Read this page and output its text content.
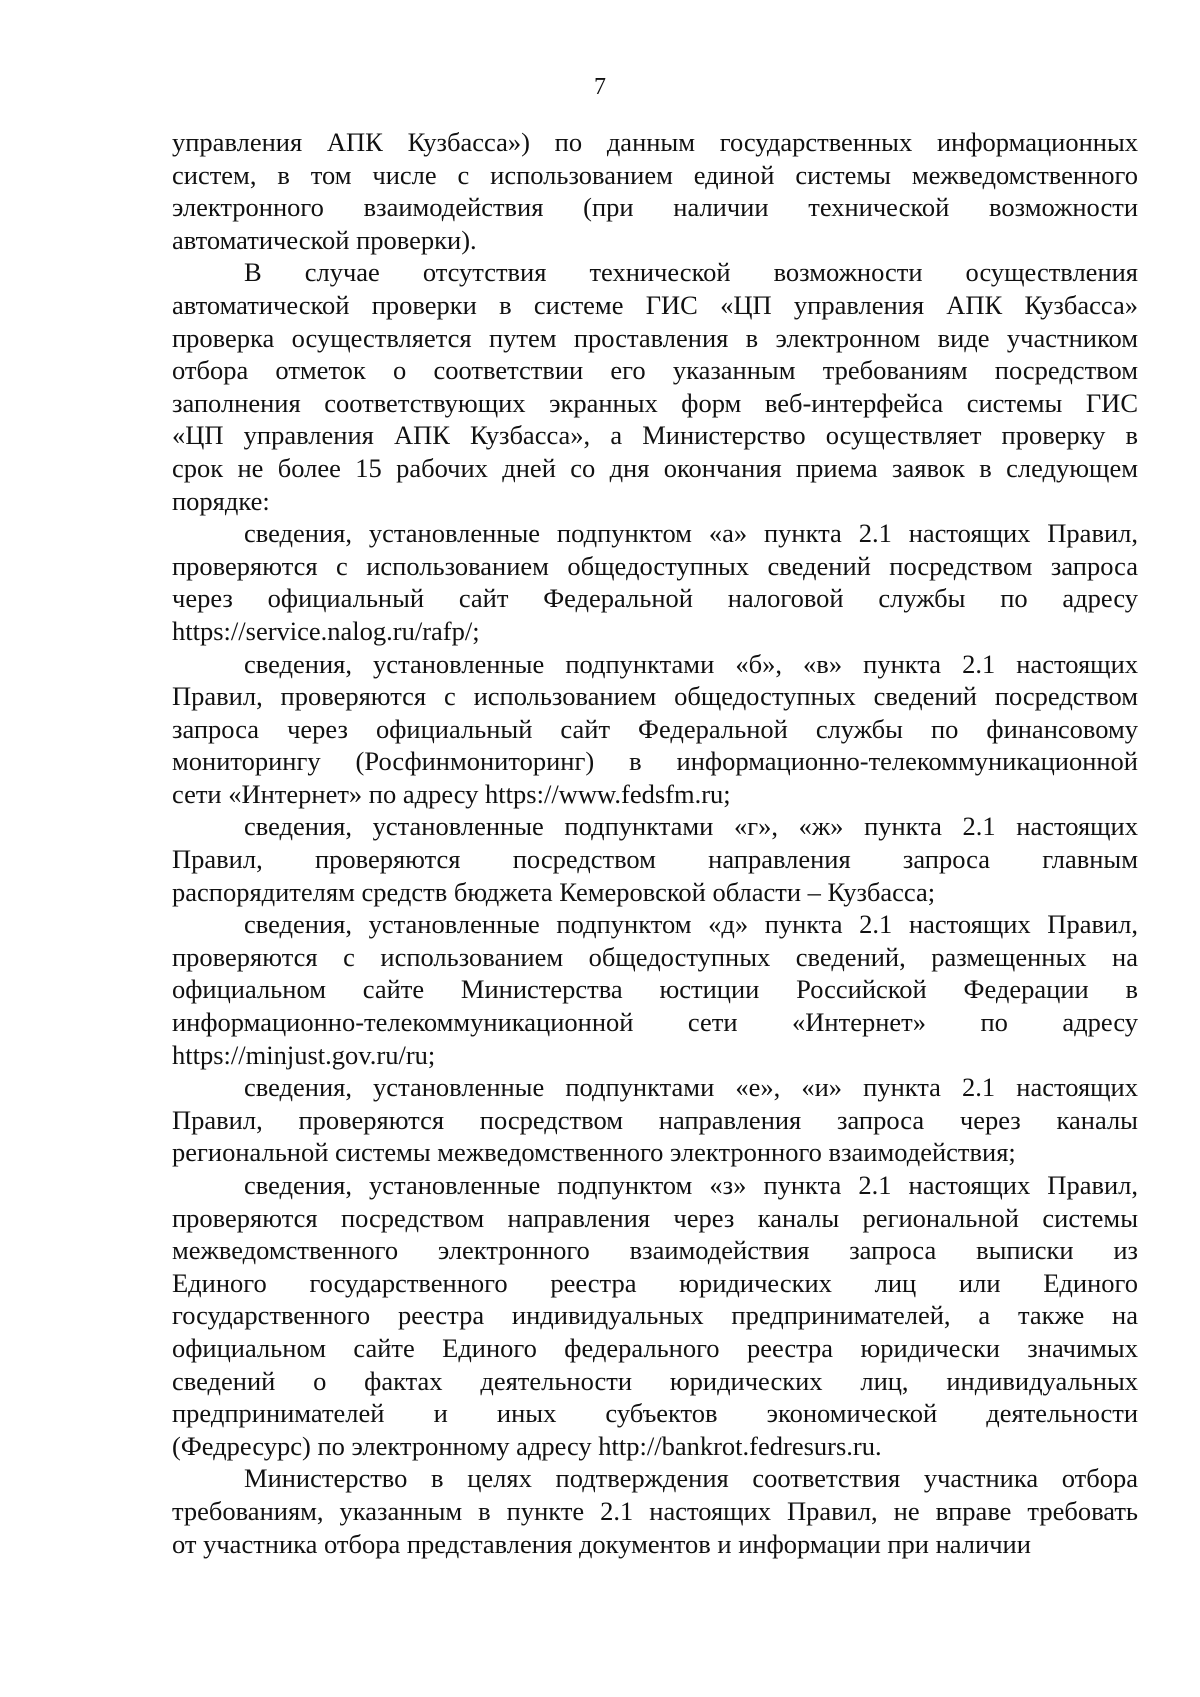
7
управления АПК Кузбасса») по данным государственных информационных
систем, в том числе с использованием единой системы межведомственного
электронного взаимодействия (при наличии технической возможности
автоматической проверки).
В случае отсутствия технической возможности осуществления
автоматической проверки в системе ГИС «ЦП управления АПК Кузбасса»
проверка осуществляется путем проставления в электронном виде участником
отбора отметок о соответствии его указанным требованиям посредством
заполнения соответствующих экранных форм веб-интерфейса системы ГИС
«ЦП управления АПК Кузбасса», а Министерство осуществляет проверку в
срок не более 15 рабочих дней со дня окончания приема заявок в следующем
порядке:
сведения, установленные подпунктом «а» пункта 2.1 настоящих Правил,
проверяются с использованием общедоступных сведений посредством запроса
через официальный сайт Федеральной налоговой службы по адресу
https://service.nalog.ru/rafp/;
сведения, установленные подпунктами «б», «в» пункта 2.1 настоящих
Правил, проверяются с использованием общедоступных сведений посредством
запроса через официальный сайт Федеральной службы по финансовому
мониторингу (Росфинмониторинг) в информационно-телекоммуникационной
сети «Интернет» по адресу https://www.fedsfm.ru;
сведения, установленные подпунктами «г», «ж» пункта 2.1 настоящих
Правил, проверяются посредством направления запроса главным
распорядителям средств бюджета Кемеровской области – Кузбасса;
сведения, установленные подпунктом «д» пункта 2.1 настоящих Правил,
проверяются с использованием общедоступных сведений, размещенных на
официальном сайте Министерства юстиции Российской Федерации в
информационно-телекоммуникационной сети «Интернет» по адресу
https://minjust.gov.ru/ru;
сведения, установленные подпунктами «е», «и» пункта 2.1 настоящих
Правил, проверяются посредством направления запроса через каналы
региональной системы межведомственного электронного взаимодействия;
сведения, установленные подпунктом «з» пункта 2.1 настоящих Правил,
проверяются посредством направления через каналы региональной системы
межведомственного электронного взаимодействия запроса выписки из
Единого государственного реестра юридических лиц или Единого
государственного реестра индивидуальных предпринимателей, а также на
официальном сайте Единого федерального реестра юридически значимых
сведений о фактах деятельности юридических лиц, индивидуальных
предпринимателей и иных субъектов экономической деятельности
(Федресурс) по электронному адресу http://bankrot.fedresurs.ru.
Министерство в целях подтверждения соответствия участника отбора
требованиям, указанным в пункте 2.1 настоящих Правил, не вправе требовать
от участника отбора представления документов и информации при наличии
